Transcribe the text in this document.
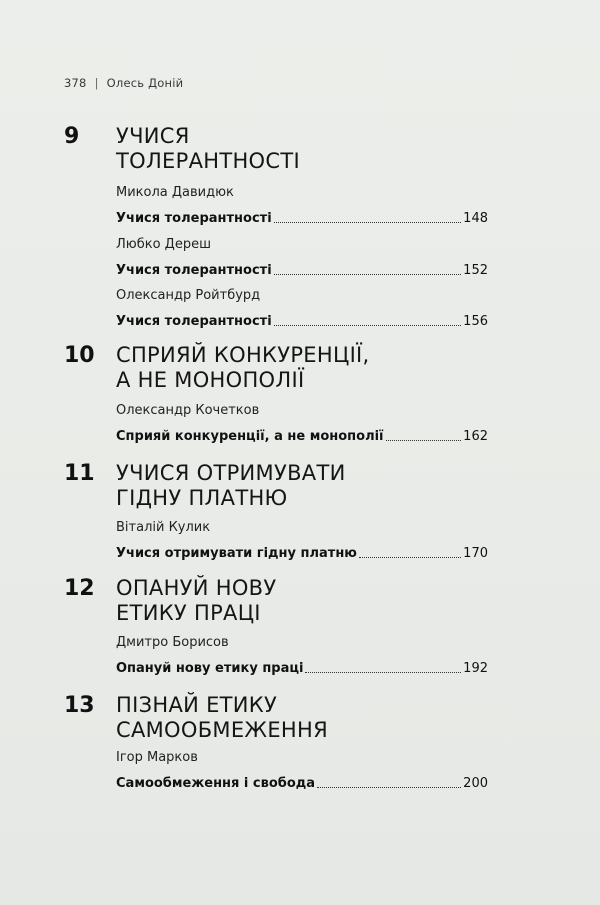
378 | Олесь Доній
9 УЧИСЯ
ТОЛЕРАНТНОСТІ
Микола Давидюк
Учися толерантності	148
Любко Дереш
Учися толерантності	152
Олександр Ройтбурд
Учися толерантності	156
10 СПРИЯЙ КОНКУРЕНЦІЇ,
А НЕ МОНОПОЛІЇ
Олександр Кочетков
Сприяй конкуренції, а не монополії	162
11 УЧИСЯ ОТРИМУВАТИ
ГІДНУ ПЛАТНЮ
Віталій Кулик
Учися отримувати гідну платню	170
12 ОПАНУЙ НОВУ
ЕТИКУ ПРАЦІ
Дмитро Борисов
Опануй нову етику праці	192
13 ПІЗНАЙ ЕТИКУ
САМООБМЕЖЕННЯ
Ігор Марков
Самообмеження і свобода	200
